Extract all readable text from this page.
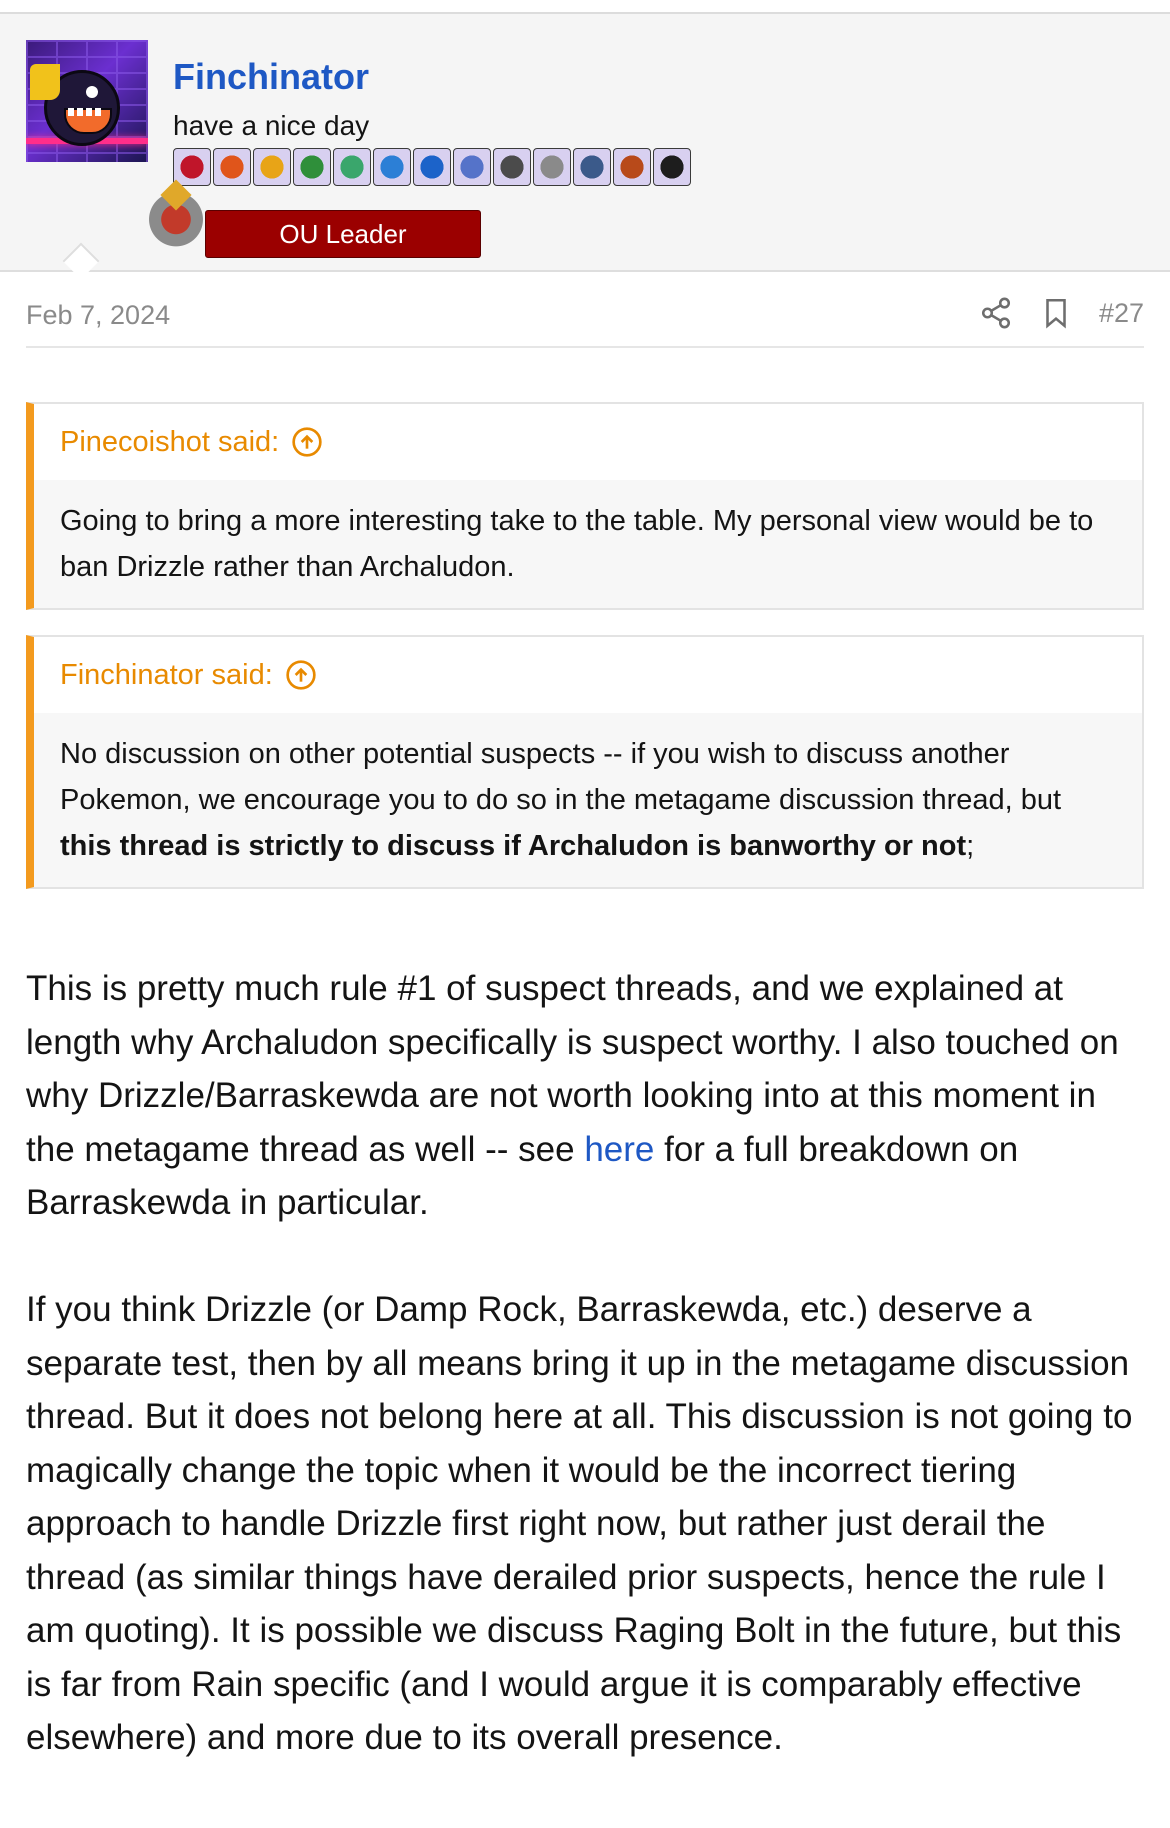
Finchinator
have a nice day
OU Leader
Feb 7, 2024	#27
Pinecoishot said:
Going to bring a more interesting take to the table. My personal view would be to ban Drizzle rather than Archaludon.
Finchinator said:
No discussion on other potential suspects -- if you wish to discuss another Pokemon, we encourage you to do so in the metagame discussion thread, but this thread is strictly to discuss if Archaludon is banworthy or not;

This is pretty much rule #1 of suspect threads, and we explained at length why Archaludon specifically is suspect worthy. I also touched on why Drizzle/Barraskewda are not worth looking into at this moment in the metagame thread as well -- see here for a full breakdown on Barraskewda in particular.

If you think Drizzle (or Damp Rock, Barraskewda, etc.) deserve a separate test, then by all means bring it up in the metagame discussion thread. But it does not belong here at all. This discussion is not going to magically change the topic when it would be the incorrect tiering approach to handle Drizzle first right now, but rather just derail the thread (as similar things have derailed prior suspects, hence the rule I am quoting). It is possible we discuss Raging Bolt in the future, but this is far from Rain specific (and I would argue it is comparably effective elsewhere) and more due to its overall presence.
